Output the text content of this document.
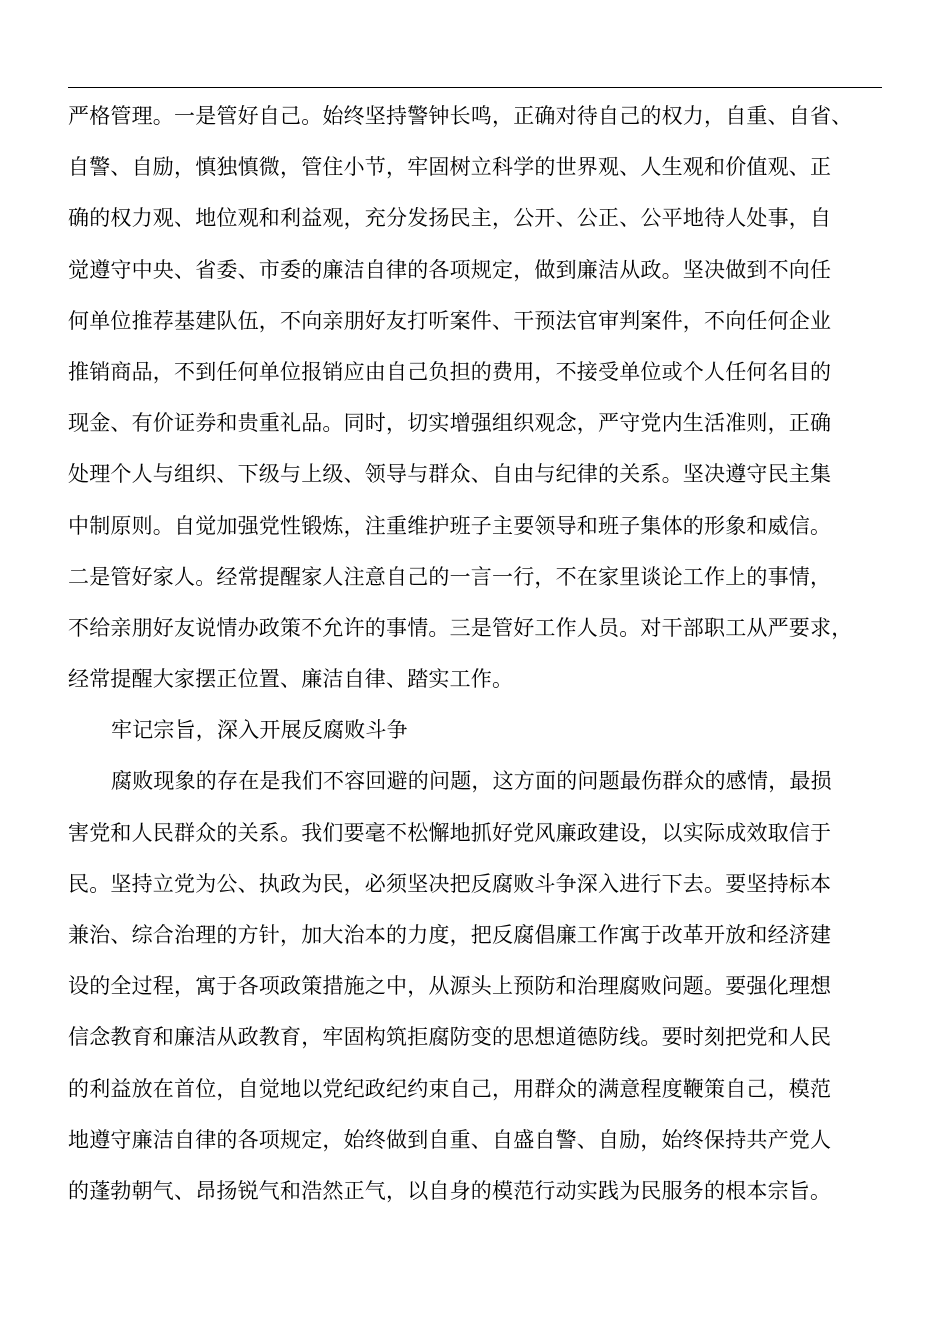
严格管理。一是管好自己。始终坚持警钟长鸣，正确对待自己的权力，自重、自省、
自警、自励，慎独慎微，管住小节，牢固树立科学的世界观、人生观和价值观、正
确的权力观、地位观和利益观，充分发扬民主，公开、公正、公平地待人处事，自
觉遵守中央、省委、市委的廉洁自律的各项规定，做到廉洁从政。坚决做到不向任
何单位推荐基建队伍，不向亲朋好友打听案件、干预法官审判案件，不向任何企业
推销商品，不到任何单位报销应由自己负担的费用，不接受单位或个人任何名目的
现金、有价证券和贵重礼品。同时，切实增强组织观念，严守党内生活准则，正确
处理个人与组织、下级与上级、领导与群众、自由与纪律的关系。坚决遵守民主集
中制原则。自觉加强党性锻炼，注重维护班子主要领导和班子集体的形象和威信。
二是管好家人。经常提醒家人注意自己的一言一行，不在家里谈论工作上的事情，
不给亲朋好友说情办政策不允许的事情。三是管好工作人员。对干部职工从严要求，
经常提醒大家摆正位置、廉洁自律、踏实工作。
牢记宗旨，深入开展反腐败斗争
腐败现象的存在是我们不容回避的问题，这方面的问题最伤群众的感情，最损
害党和人民群众的关系。我们要毫不松懈地抓好党风廉政建设，以实际成效取信于
民。坚持立党为公、执政为民，必须坚决把反腐败斗争深入进行下去。要坚持标本
兼治、综合治理的方针，加大治本的力度，把反腐倡廉工作寓于改革开放和经济建
设的全过程，寓于各项政策措施之中，从源头上预防和治理腐败问题。要强化理想
信念教育和廉洁从政教育，牢固构筑拒腐防变的思想道德防线。要时刻把党和人民
的利益放在首位，自觉地以党纪政纪约束自己，用群众的满意程度鞭策自己，模范
地遵守廉洁自律的各项规定，始终做到自重、自盛自警、自励，始终保持共产党人
的蓬勃朝气、昂扬锐气和浩然正气，以自身的模范行动实践为民服务的根本宗旨。
